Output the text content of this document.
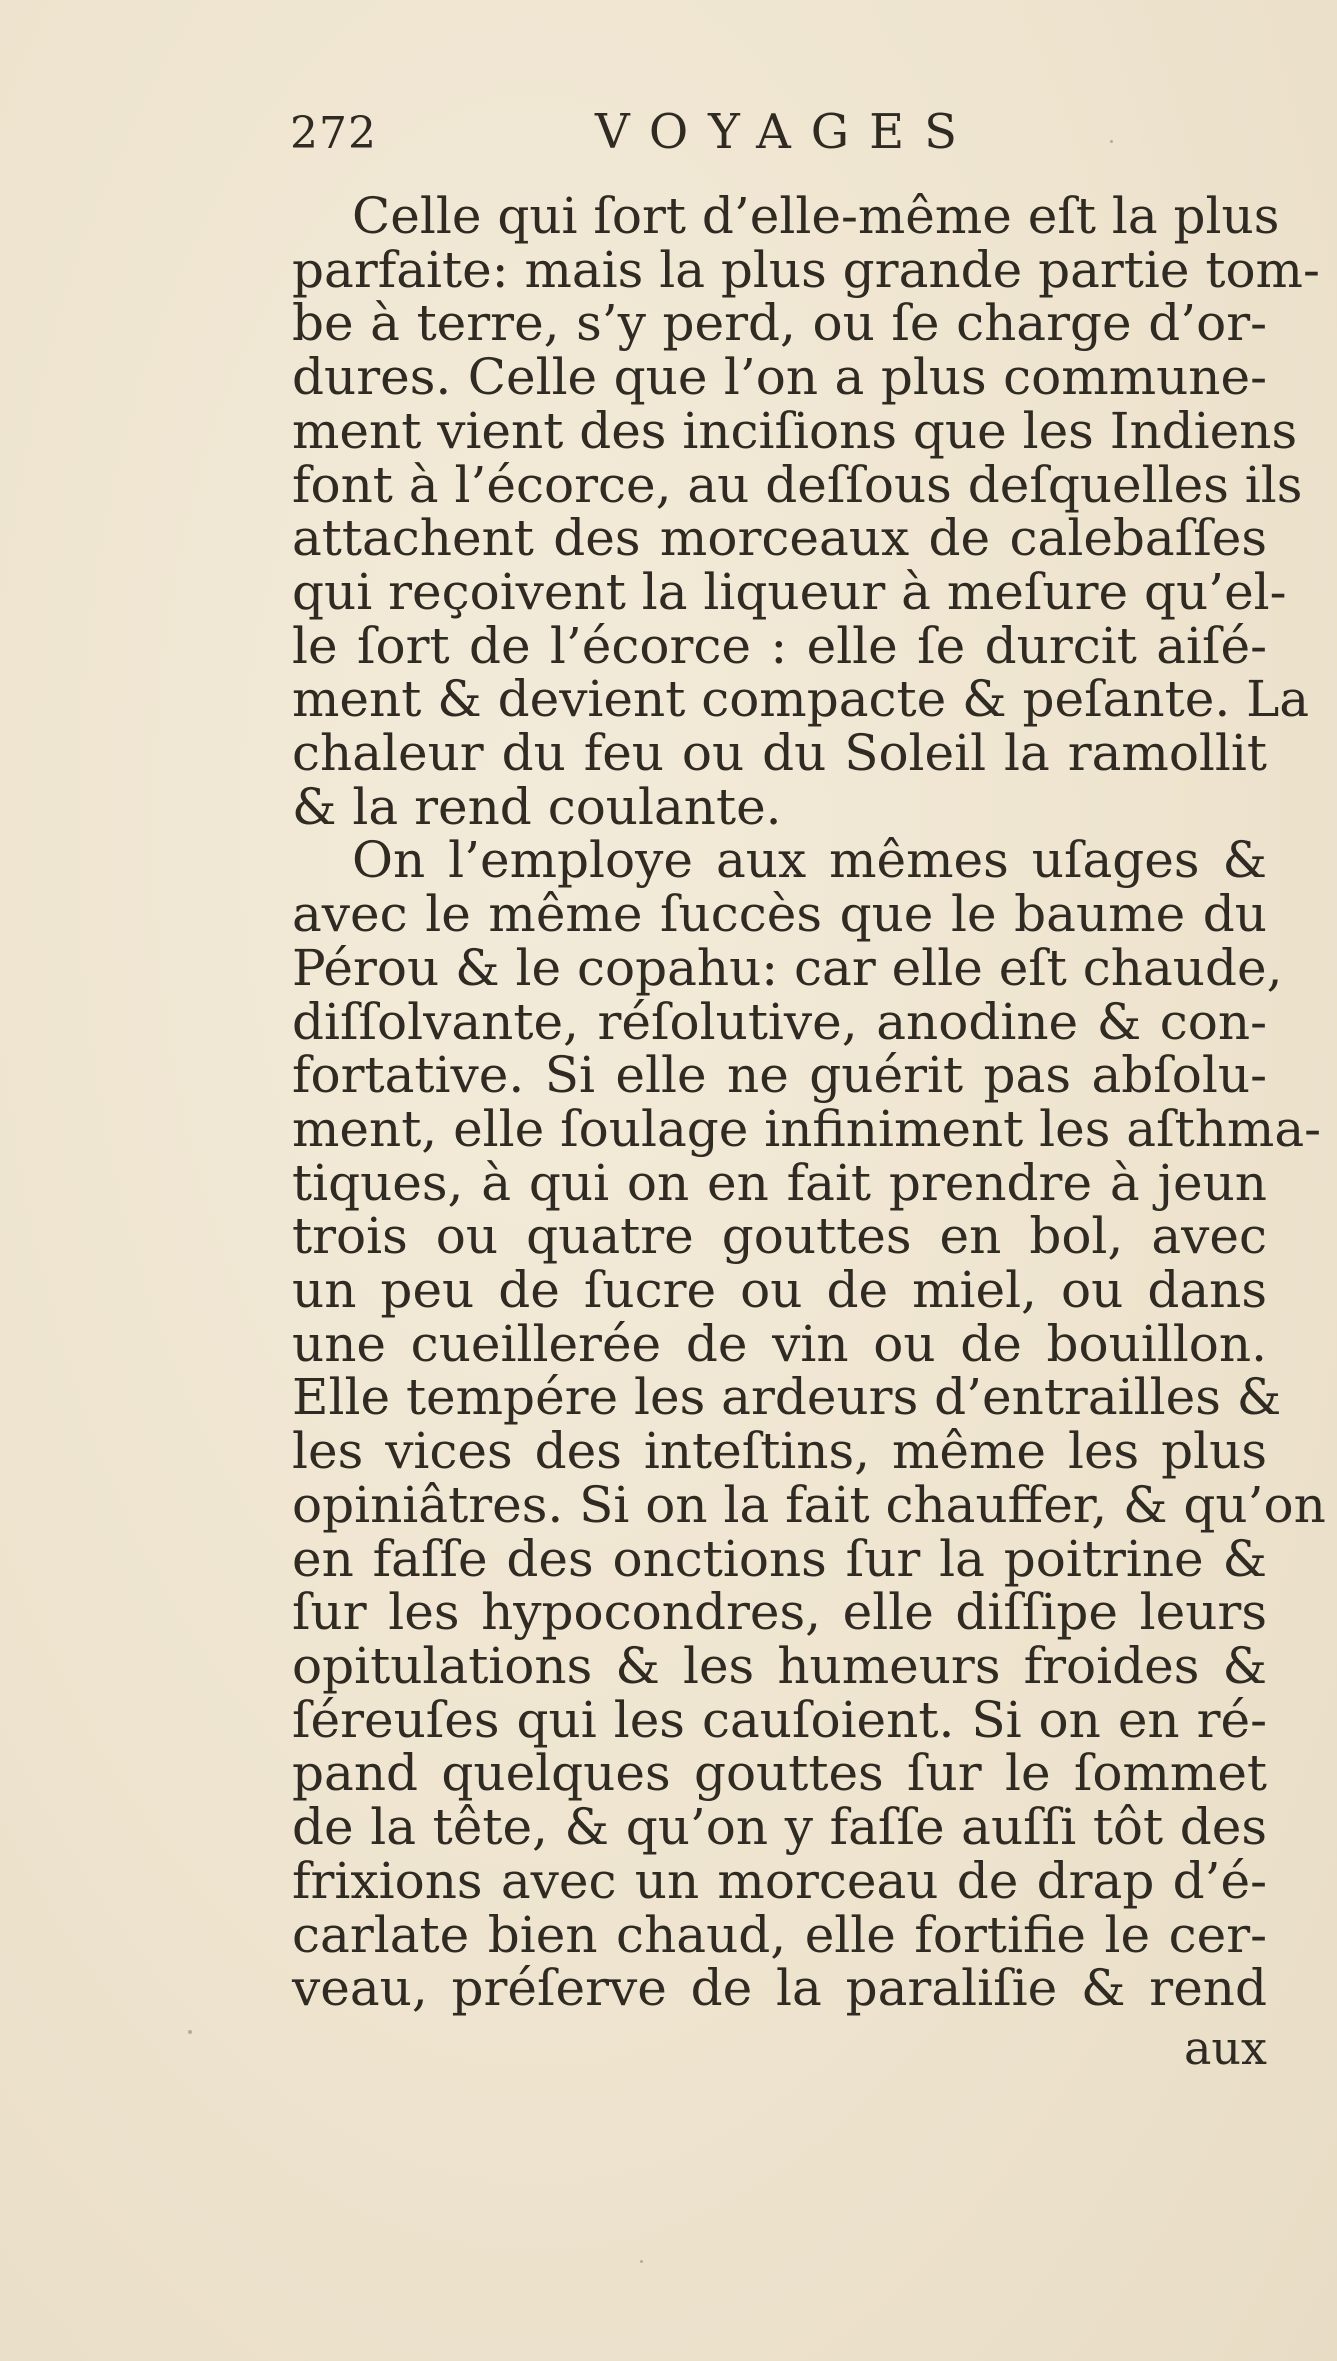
272	VOYAGES
Celle qui ſort d’elle-même eſt la plus
parfaite: mais la plus grande partie tom-
be à terre, s’y perd, ou ſe charge d’or-
dures. Celle que l’on a plus commune-
ment vient des inciſions que les Indiens
font à l’écorce, au deſſous deſquelles ils
attachent des morceaux de calebaſſes
qui reçoivent la liqueur à meſure qu’el-
le ſort de l’écorce : elle ſe durcit aiſé-
ment & devient compacte & peſante. La
chaleur du feu ou du Soleil la ramollit
& la rend coulante.
On l’employe aux mêmes uſages &
avec le même ſuccès que le baume du
Pérou & le copahu: car elle eſt chaude,
diſſolvante, réſolutive, anodine & con-
fortative. Si elle ne guérit pas abſolu-
ment, elle ſoulage infiniment les aſthma-
tiques, à qui on en fait prendre à jeun
trois ou quatre gouttes en bol, avec
un peu de ſucre ou de miel, ou dans
une cueillerée de vin ou de bouillon.
Elle tempére les ardeurs d’entrailles &
les vices des inteſtins, même les plus
opiniâtres. Si on la fait chauffer, & qu’on
en faſſe des onctions ſur la poitrine &
ſur les hypocondres, elle diſſipe leurs
opitulations & les humeurs froides &
ſéreuſes qui les cauſoient. Si on en ré-
pand quelques gouttes ſur le ſommet
de la tête, & qu’on y faſſe auſſi tôt des
frixions avec un morceau de drap d’é-
carlate bien chaud, elle fortifie le cer-
veau, préſerve de la paraliſie & rend
aux
